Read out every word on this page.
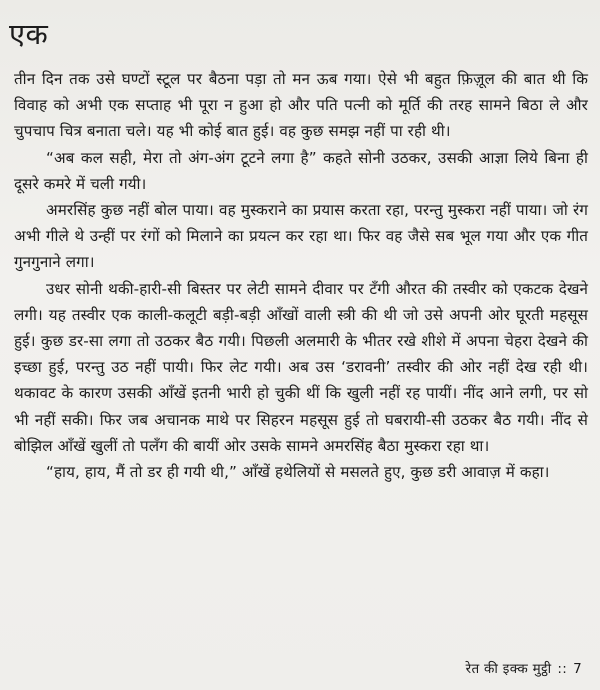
एक

तीन दिन तक उसे घण्टों स्टूल पर बैठना पड़ा तो मन ऊब गया। ऐसे भी बहुत फ़िज़ूल की बात थी कि विवाह को अभी एक सप्ताह भी पूरा न हुआ हो और पति पत्नी को मूर्ति की तरह सामने बिठा ले और चुपचाप चित्र बनाता चले। यह भी कोई बात हुई। वह कुछ समझ नहीं पा रही थी।

“अब कल सही, मेरा तो अंग-अंग टूटने लगा है” कहते सोनी उठकर, उसकी आज्ञा लिये बिना ही दूसरे कमरे में चली गयी।

अमरसिंह कुछ नहीं बोल पाया। वह मुस्कराने का प्रयास करता रहा, परन्तु मुस्करा नहीं पाया। जो रंग अभी गीले थे उन्हीं पर रंगों को मिलाने का प्रयत्न कर रहा था। फिर वह जैसे सब भूल गया और एक गीत गुनगुनाने लगा।

उधर सोनी थकी-हारी-सी बिस्तर पर लेटी सामने दीवार पर टँगी औरत की तस्वीर को एकटक देखने लगी। यह तस्वीर एक काली-कलूटी बड़ी-बड़ी आँखों वाली स्त्री की थी जो उसे अपनी ओर घूरती महसूस हुई। कुछ डर-सा लगा तो उठकर बैठ गयी। पिछली अलमारी के भीतर रखे शीशे में अपना चेहरा देखने की इच्छा हुई, परन्तु उठ नहीं पायी। फिर लेट गयी। अब उस ‘डरावनी’ तस्वीर की ओर नहीं देख रही थी। थकावट के कारण उसकी आँखें इतनी भारी हो चुकी थीं कि खुली नहीं रह पायीं। नींद आने लगी, पर सो भी नहीं सकी। फिर जब अचानक माथे पर सिहरन महसूस हुई तो घबरायी-सी उठकर बैठ गयी। नींद से बोझिल आँखें खुलीं तो पलँग की बायीं ओर उसके सामने अमरसिंह बैठा मुस्करा रहा था।

“हाय, हाय, मैं तो डर ही गयी थी,” आँखें हथेलियों से मसलते हुए, कुछ डरी आवाज़ में कहा।

रेत की इक्क मुट्ठी :: 7
